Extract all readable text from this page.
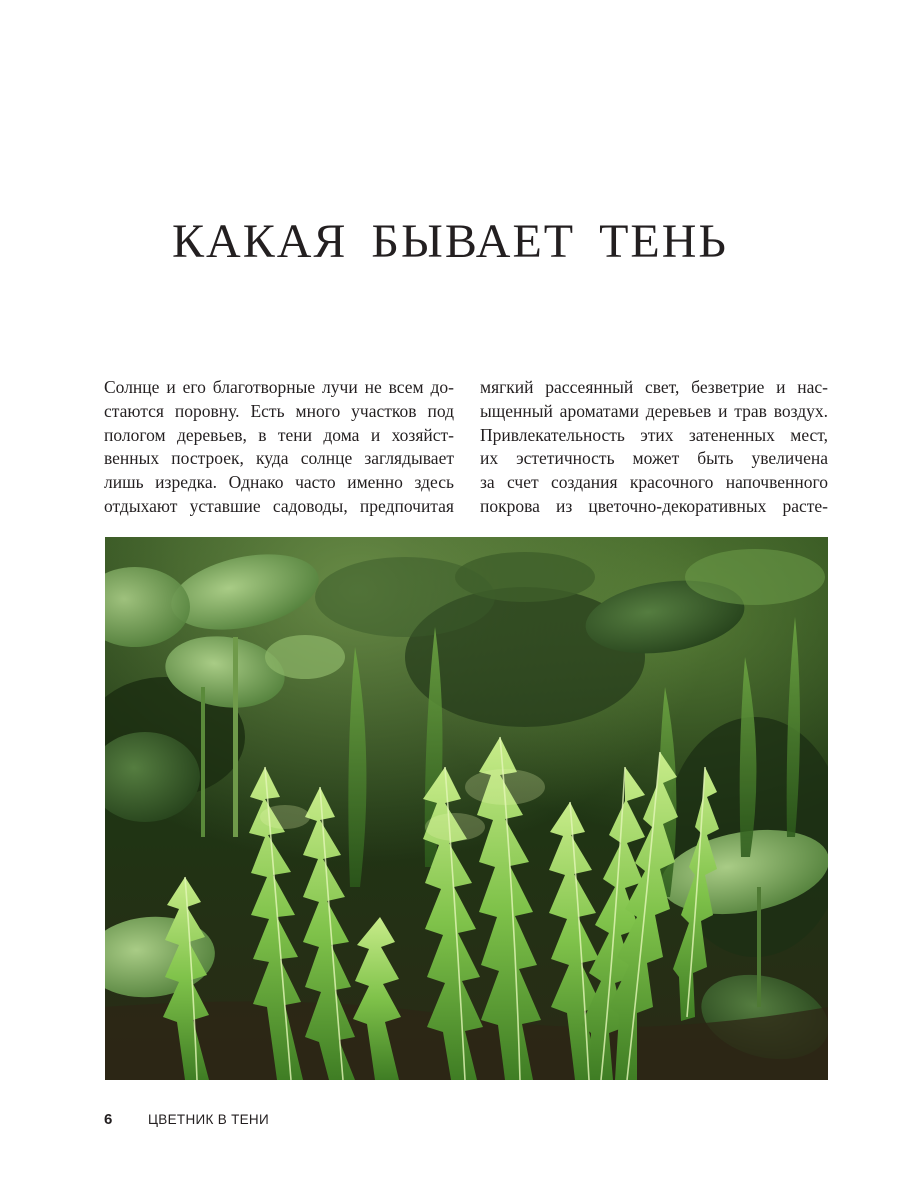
КАКАЯ БЫВАЕТ ТЕНЬ
Солнце и его благотворные лучи не всем до-
стаются поровну. Есть много участков под
пологом деревьев, в тени дома и хозяйст-
венных построек, куда солнце заглядывает
лишь изредка. Однако часто именно здесь
отдыхают уставшие садоводы, предпочитая
мягкий рассеянный свет, безветрие и нас-
ыщенный ароматами деревьев и трав воздух.
Привлекательность этих затененных мест,
их эстетичность может быть увеличена
за счет создания красочного напочвенного
покрова из цветочно-декоративных расте-
6	ЦВЕТНИК В ТЕНИ
